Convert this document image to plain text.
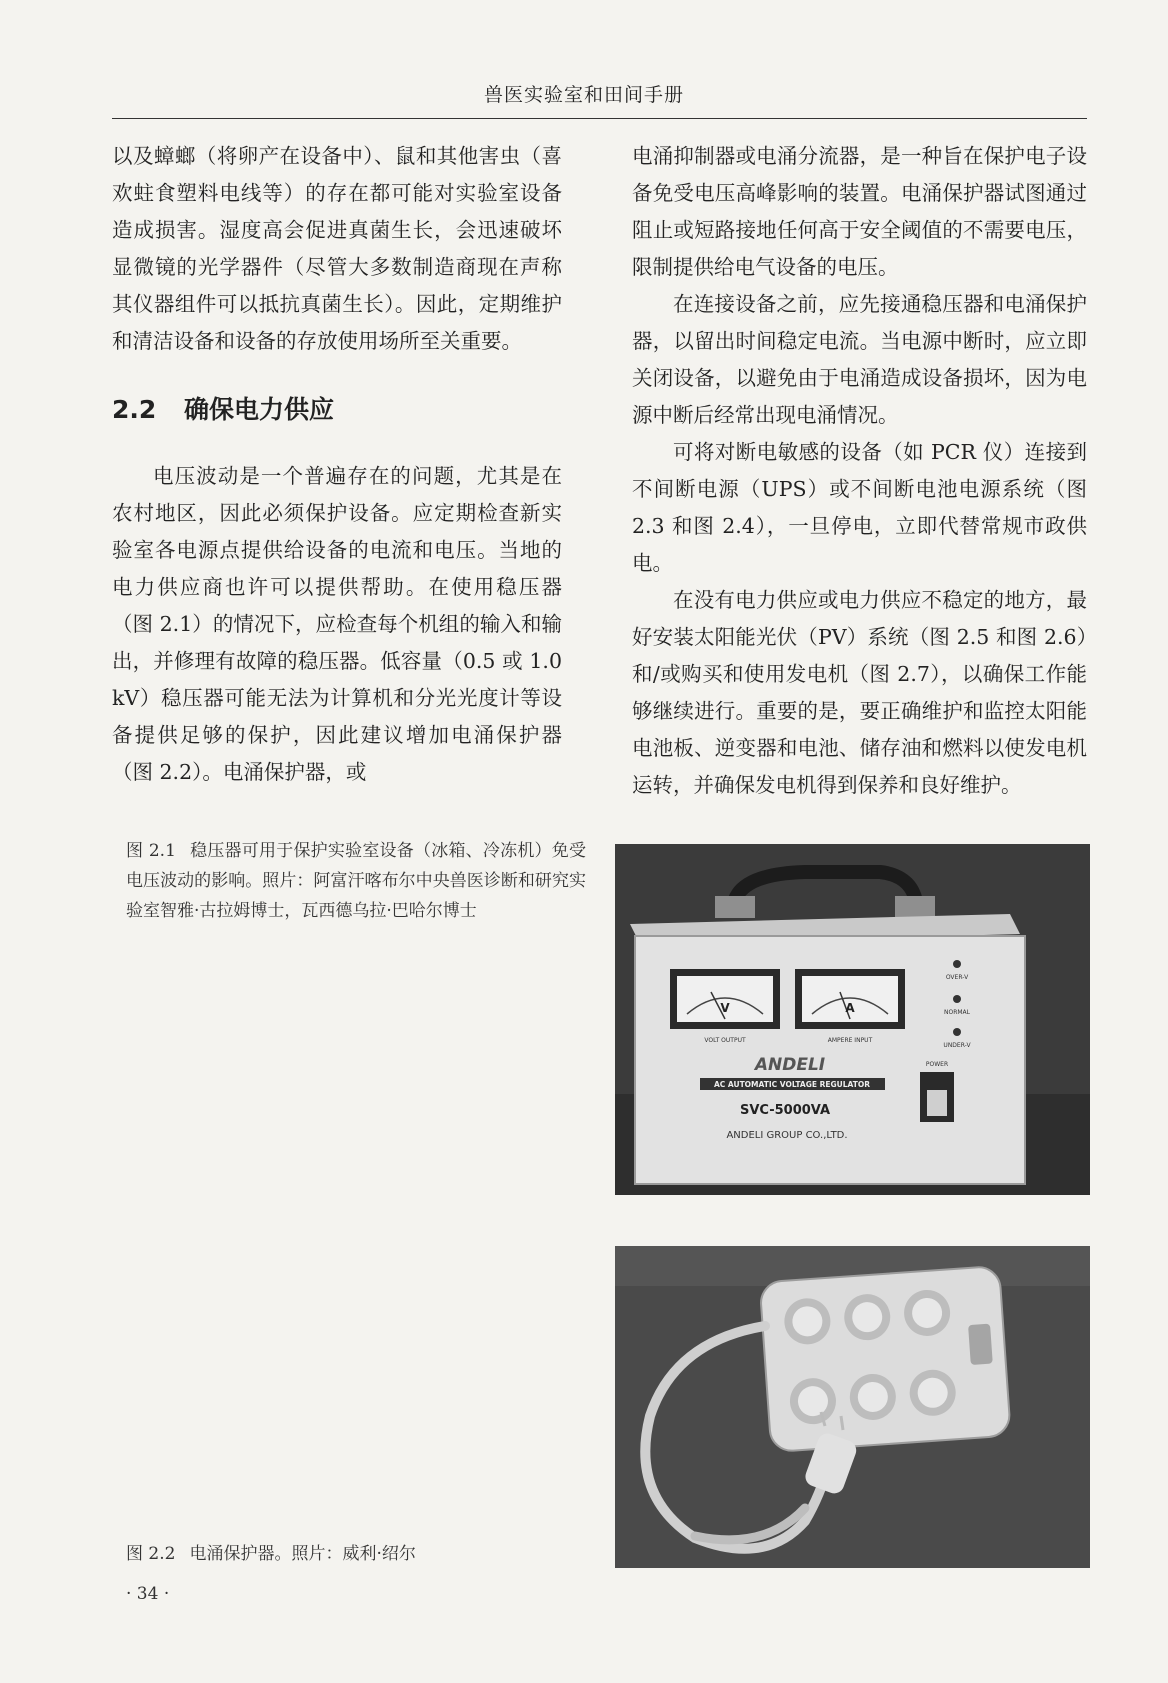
兽医实验室和田间手册

以及蟑螂（将卵产在设备中）、鼠和其他害虫（喜欢蛀食塑料电线等）的存在都可能对实验室设备造成损害。湿度高会促进真菌生长，会迅速破坏显微镜的光学器件（尽管大多数制造商现在声称其仪器组件可以抵抗真菌生长）。因此，定期维护和清洁设备和设备的存放使用场所至关重要。

2.2 确保电力供应

电压波动是一个普遍存在的问题，尤其是在农村地区，因此必须保护设备。应定期检查新实验室各电源点提供给设备的电流和电压。当地的电力供应商也许可以提供帮助。在使用稳压器（图 2.1）的情况下，应检查每个机组的输入和输出，并修理有故障的稳压器。低容量（0.5 或 1.0 kV）稳压器可能无法为计算机和分光光度计等设备提供足够的保护，因此建议增加电涌保护器（图 2.2）。电涌保护器，或

电涌抑制器或电涌分流器，是一种旨在保护电子设备免受电压高峰影响的装置。电涌保护器试图通过阻止或短路接地任何高于安全阈值的不需要电压，限制提供给电气设备的电压。

在连接设备之前，应先接通稳压器和电涌保护器，以留出时间稳定电流。当电源中断时，应立即关闭设备，以避免由于电涌造成设备损坏，因为电源中断后经常出现电涌情况。

可将对断电敏感的设备（如 PCR 仪）连接到不间断电源（UPS）或不间断电池电源系统（图 2.3 和图 2.4），一旦停电，立即代替常规市政供电。

在没有电力供应或电力供应不稳定的地方，最好安装太阳能光伏（PV）系统（图 2.5 和图 2.6）和/或购买和使用发电机（图 2.7），以确保工作能够继续进行。重要的是，要正确维护和监控太阳能电池板、逆变器和电池、储存油和燃料以使发电机运转，并确保发电机得到保养和良好维护。

图 2.1 稳压器可用于保护实验室设备（冰箱、冷冻机）免受电压波动的影响。照片：阿富汗喀布尔中央兽医诊断和研究实验室智雅·古拉姆博士，瓦西德乌拉·巴哈尔博士
V	A
VOLT OUTPUT	AMPERE INPUT
OVER-V
NORMAL
UNDER-V
ANDELI
AC AUTOMATIC VOLTAGE REGULATOR
SVC-5000VA
ANDELI GROUP CO.,LTD.
POWER
图 2.2 电涌保护器。照片：威利·绍尔
· 34 ·
